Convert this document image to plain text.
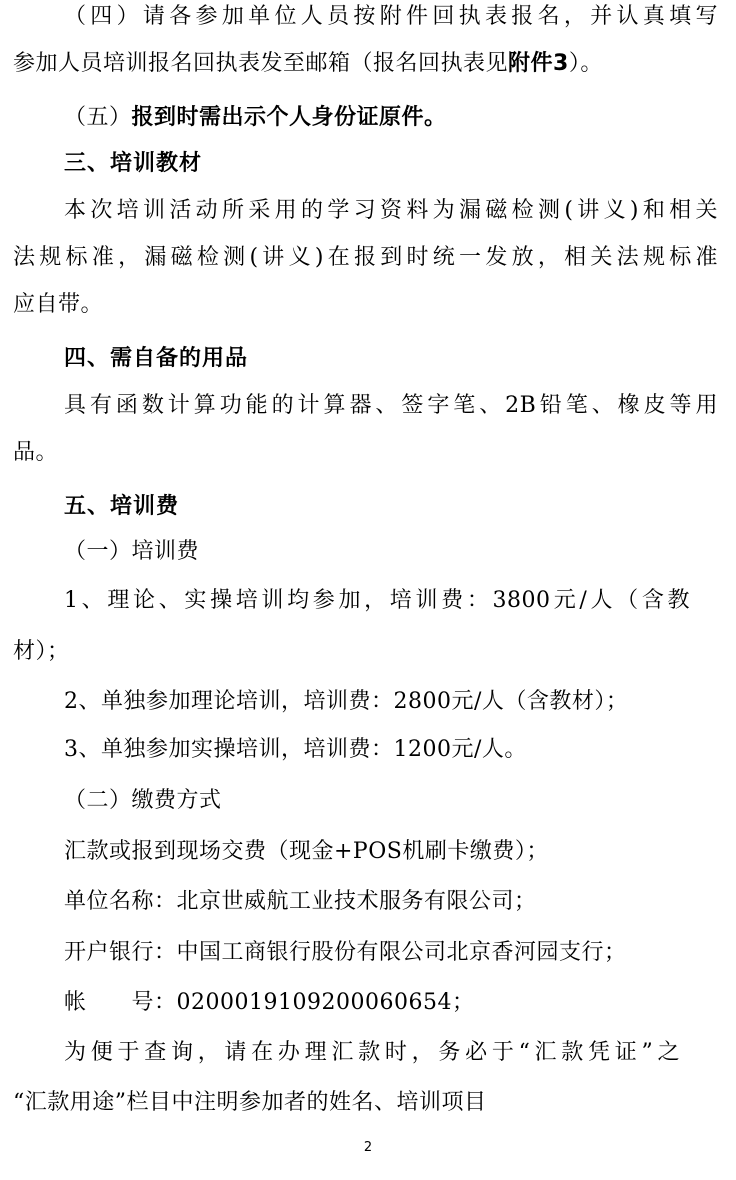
（四）请各参加单位人员按附件回执表报名，并认真填写
参加人员培训报名回执表发至邮箱（报名回执表见附件3）。
（五）报到时需出示个人身份证原件。
三、培训教材
本次培训活动所采用的学习资料为漏磁检测(讲义)和相关
法规标准，漏磁检测(讲义)在报到时统一发放，相关法规标准
应自带。
四、需自备的用品
具有函数计算功能的计算器、签字笔、2B铅笔、橡皮等用
品。
五、培训费
（一）培训费
1、理论、实操培训均参加，培训费：3800元/人（含教
材）；
2、单独参加理论培训，培训费：2800元/人（含教材）；
3、单独参加实操培训，培训费：1200元/人。
（二）缴费方式
汇款或报到现场交费（现金+POS机刷卡缴费）；
单位名称：北京世威航工业技术服务有限公司；
开户银行：中国工商银行股份有限公司北京香河园支行；
帐　　号：0200019109200060654；
为便于查询，请在办理汇款时，务必于“汇款凭证”之
“汇款用途”栏目中注明参加者的姓名、培训项目
2
